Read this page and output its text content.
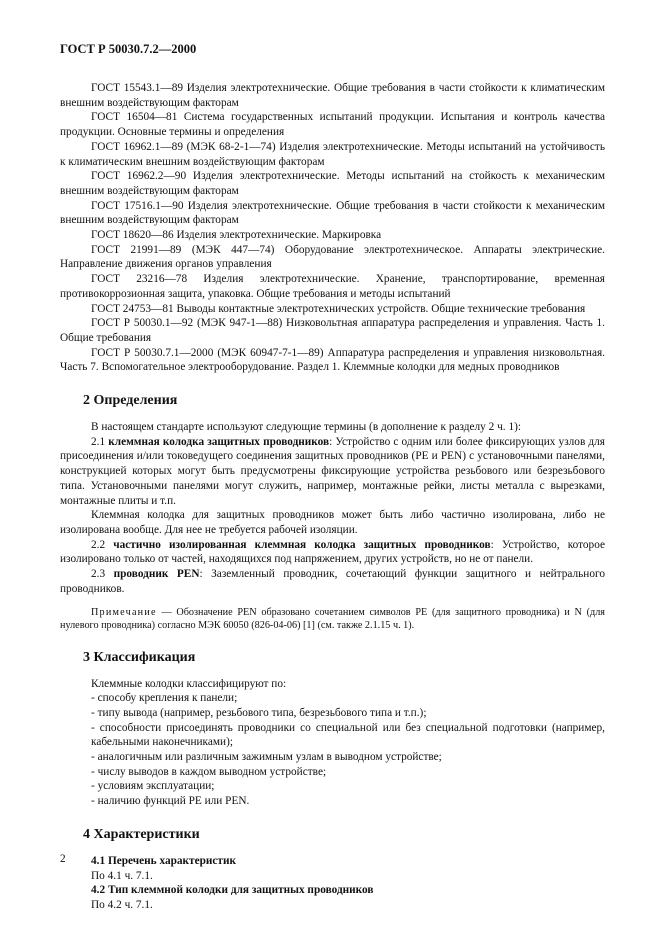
ГОСТ Р 50030.7.2—2000

ГОСТ 15543.1—89 Изделия электротехнические. Общие требования в части стойкости к климатическим внешним воздействующим факторам

ГОСТ 16504—81 Система государственных испытаний продукции. Испытания и контроль качества продукции. Основные термины и определения

ГОСТ 16962.1—89 (МЭК 68-2-1—74) Изделия электротехнические. Методы испытаний на устойчивость к климатическим внешним воздействующим факторам

ГОСТ 16962.2—90 Изделия электротехнические. Методы испытаний на стойкость к механическим внешним воздействующим факторам

ГОСТ 17516.1—90 Изделия электротехнические. Общие требования в части стойкости к механическим внешним воздействующим факторам

ГОСТ 18620—86 Изделия электротехнические. Маркировка

ГОСТ 21991—89 (МЭК 447—74) Оборудование электротехническое. Аппараты электрические. Направление движения органов управления

ГОСТ 23216—78 Изделия электротехнические. Хранение, транспортирование, временная противокоррозионная защита, упаковка. Общие требования и методы испытаний

ГОСТ 24753—81 Выводы контактные электротехнических устройств. Общие технические требования

ГОСТ Р 50030.1—92 (МЭК 947-1—88) Низковольтная аппаратура распределения и управления. Часть 1. Общие требования

ГОСТ Р 50030.7.1—2000 (МЭК 60947-7-1—89) Аппаратура распределения и управления низковольтная. Часть 7. Вспомогательное электрооборудование. Раздел 1. Клеммные колодки для медных проводников

2 Определения

В настоящем стандарте используют следующие термины (в дополнение к разделу 2 ч. 1):

2.1 клеммная колодка защитных проводников: Устройство с одним или более фиксирующих узлов для присоединения и/или токоведущего соединения защитных проводников (PE и PEN) с установочными панелями, конструкцией которых могут быть предусмотрены фиксирующие устройства резьбового или безрезьбового типа. Установочными панелями могут служить, например, монтажные рейки, листы металла с вырезками, монтажные плиты и т.п.

Клеммная колодка для защитных проводников может быть либо частично изолирована, либо не изолирована вообще. Для нее не требуется рабочей изоляции.

2.2 частично изолированная клеммная колодка защитных проводников: Устройство, которое изолировано только от частей, находящихся под напряжением, других устройств, но не от панели.

2.3 проводник PEN: Заземленный проводник, сочетающий функции защитного и нейтрального проводников.

Примечание — Обозначение PEN образовано сочетанием символов PE (для защитного проводника) и N (для нулевого проводника) согласно МЭК 60050 (826-04-06) [1] (см. также 2.1.15 ч. 1).

3 Классификация

Клеммные колодки классифицируют по:

- способу крепления к панели;
- типу вывода (например, резьбового типа, безрезьбового типа и т.п.);
- способности присоединять проводники со специальной или без специальной подготовки (например, кабельными наконечниками);
- аналогичным или различным зажимным узлам в выводном устройстве;
- числу выводов в каждом выводном устройстве;
- условиям эксплуатации;
- наличию функций PE или PEN.
4 Характеристики

4.1 Перечень характеристик

По 4.1 ч. 7.1.

4.2 Тип клеммной колодки для защитных проводников

По 4.2 ч. 7.1.

2
